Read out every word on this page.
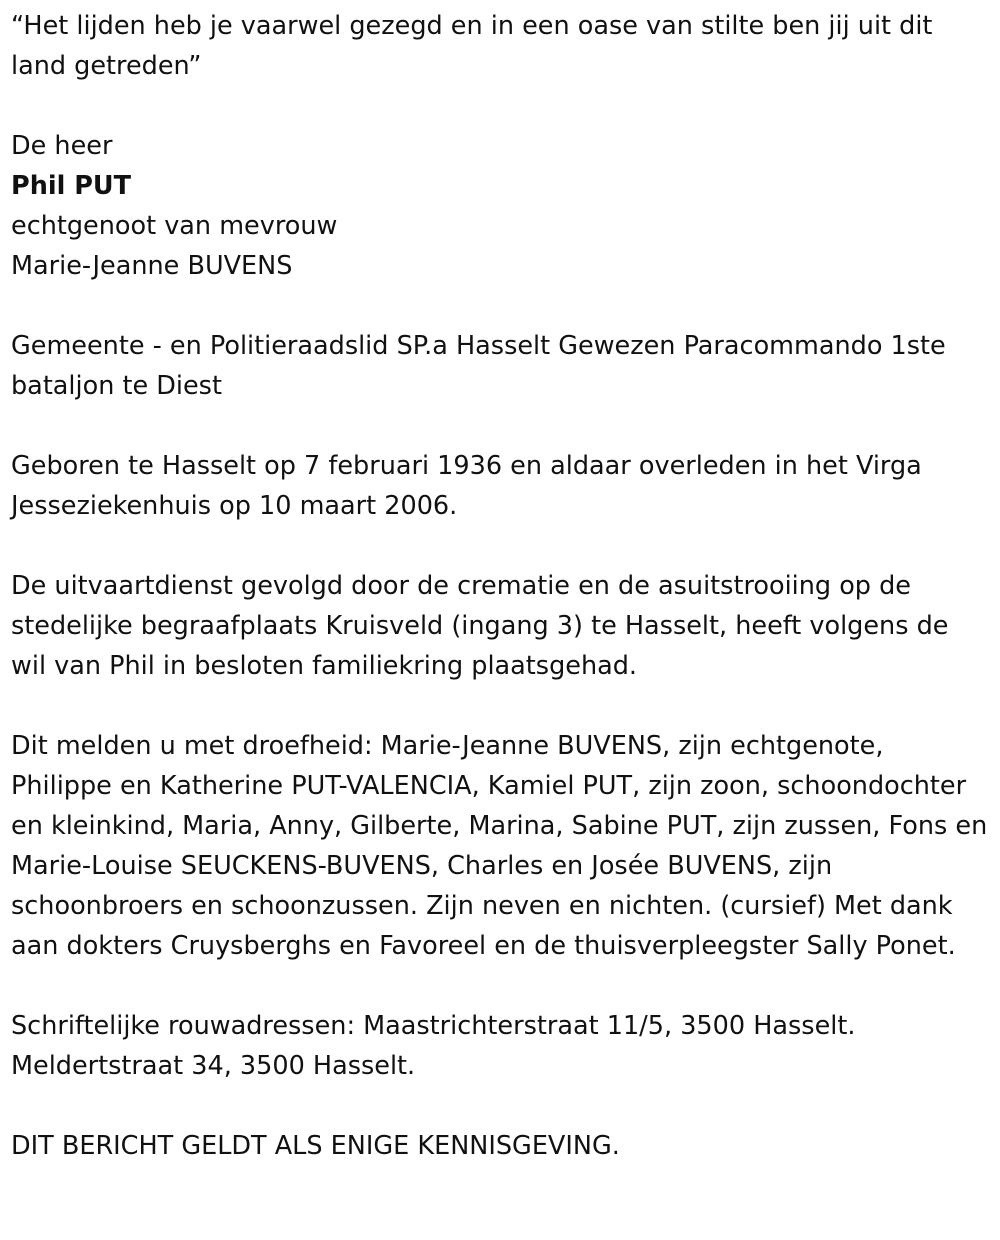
“Het lijden heb je vaarwel gezegd en in een oase van stilte ben jij uit dit land getreden”

De heer

Phil PUT

echtgenoot van mevrouw

Marie-Jeanne BUVENS

Gemeente - en Politieraadslid SP.a Hasselt Gewezen Paracommando 1ste bataljon te Diest

Geboren te Hasselt op 7 februari 1936 en aldaar overleden in het Virga Jesseziekenhuis op 10 maart 2006.

De uitvaartdienst gevolgd door de crematie en de asuitstrooiing op de stedelijke begraafplaats Kruisveld (ingang 3) te Hasselt, heeft volgens de wil van Phil in besloten familiekring plaatsgehad.

Dit melden u met droefheid: Marie-Jeanne BUVENS, zijn echtgenote, Philippe en Katherine PUT-VALENCIA, Kamiel PUT, zijn zoon, schoondochter en kleinkind, Maria, Anny, Gilberte, Marina, Sabine PUT, zijn zussen, Fons en Marie-Louise SEUCKENS-BUVENS, Charles en Josée BUVENS, zijn schoonbroers en schoonzussen. Zijn neven en nichten. (cursief) Met dank aan dokters Cruysberghs en Favoreel en de thuisverpleegster Sally Ponet.

Schriftelijke rouwadressen: Maastrichterstraat 11/5, 3500 Hasselt. Meldertstraat 34, 3500 Hasselt.

DIT BERICHT GELDT ALS ENIGE KENNISGEVING.
